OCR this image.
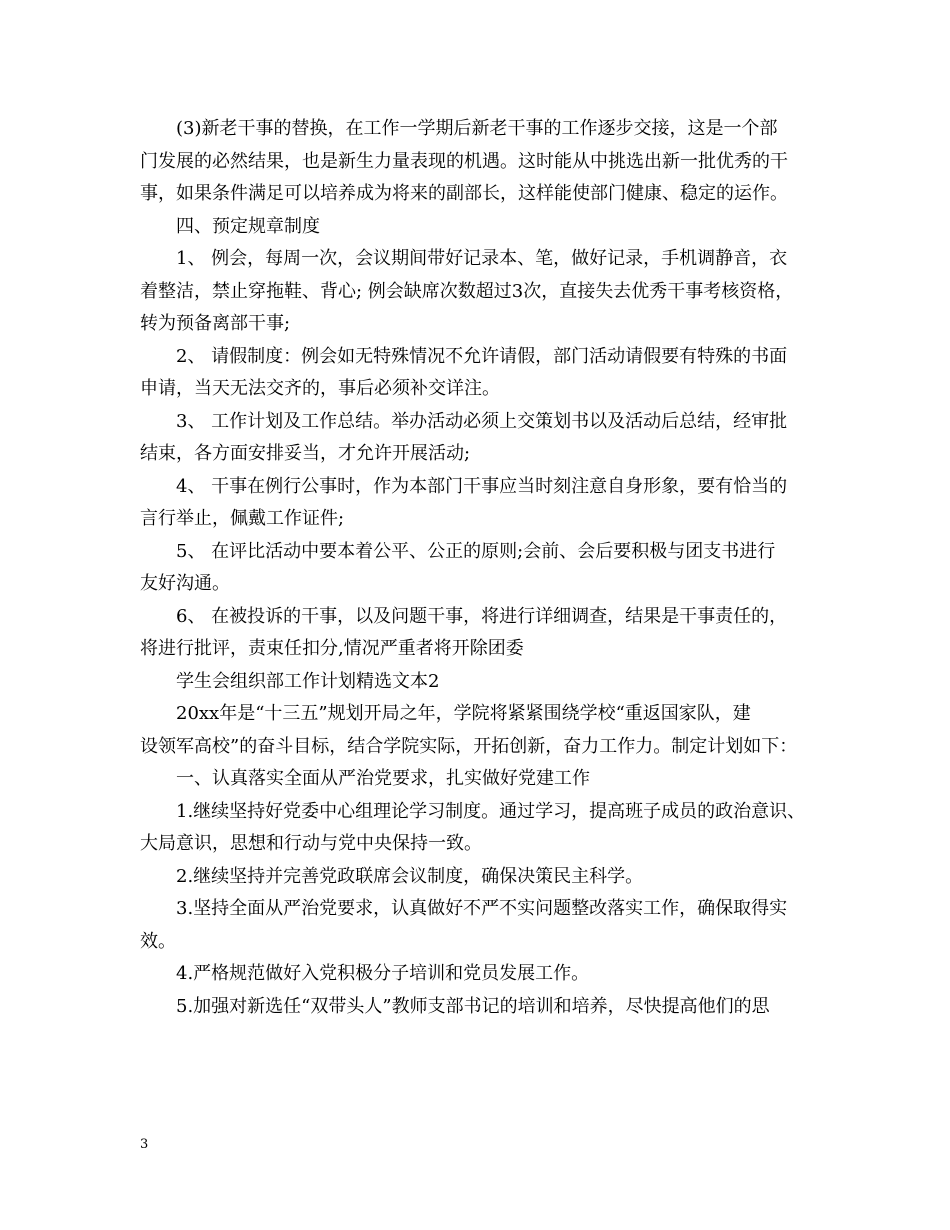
(3)新老干事的替换，在工作一学期后新老干事的工作逐步交接，这是一个部
门发展的必然结果，也是新生力量表现的机遇。这时能从中挑选出新一批优秀的干
事，如果条件满足可以培养成为将来的副部长，这样能使部门健康、稳定的运作。
四、预定规章制度
1、 例会，每周一次，会议期间带好记录本、笔，做好记录，手机调静音，衣
着整洁，禁止穿拖鞋、背心; 例会缺席次数超过3次，直接失去优秀干事考核资格，
转为预备离部干事;
2、 请假制度：例会如无特殊情况不允许请假，部门活动请假要有特殊的书面
申请，当天无法交齐的，事后必须补交详注。
3、 工作计划及工作总结。举办活动必须上交策划书以及活动后总结，经审批
结束，各方面安排妥当，才允许开展活动;
4、 干事在例行公事时，作为本部门干事应当时刻注意自身形象，要有恰当的
言行举止，佩戴工作证件;
5、 在评比活动中要本着公平、公正的原则;会前、会后要积极与团支书进行
友好沟通。
6、 在被投诉的干事，以及问题干事，将进行详细调查，结果是干事责任的，
将进行批评，责束任扣分,情况严重者将开除团委
学生会组织部工作计划精选文本2
20xx年是“十三五”规划开局之年，学院将紧紧围绕学校“重返国家队，建
设领军高校”的奋斗目标，结合学院实际，开拓创新，奋力工作力。制定计划如下：
一、认真落实全面从严治党要求，扎实做好党建工作
1.继续坚持好党委中心组理论学习制度。通过学习，提高班子成员的政治意识、
大局意识，思想和行动与党中央保持一致。
2.继续坚持并完善党政联席会议制度，确保决策民主科学。
3.坚持全面从严治党要求，认真做好不严不实问题整改落实工作，确保取得实
效。
4.严格规范做好入党积极分子培训和党员发展工作。
5.加强对新选任“双带头人”教师支部书记的培训和培养，尽快提高他们的思
3
